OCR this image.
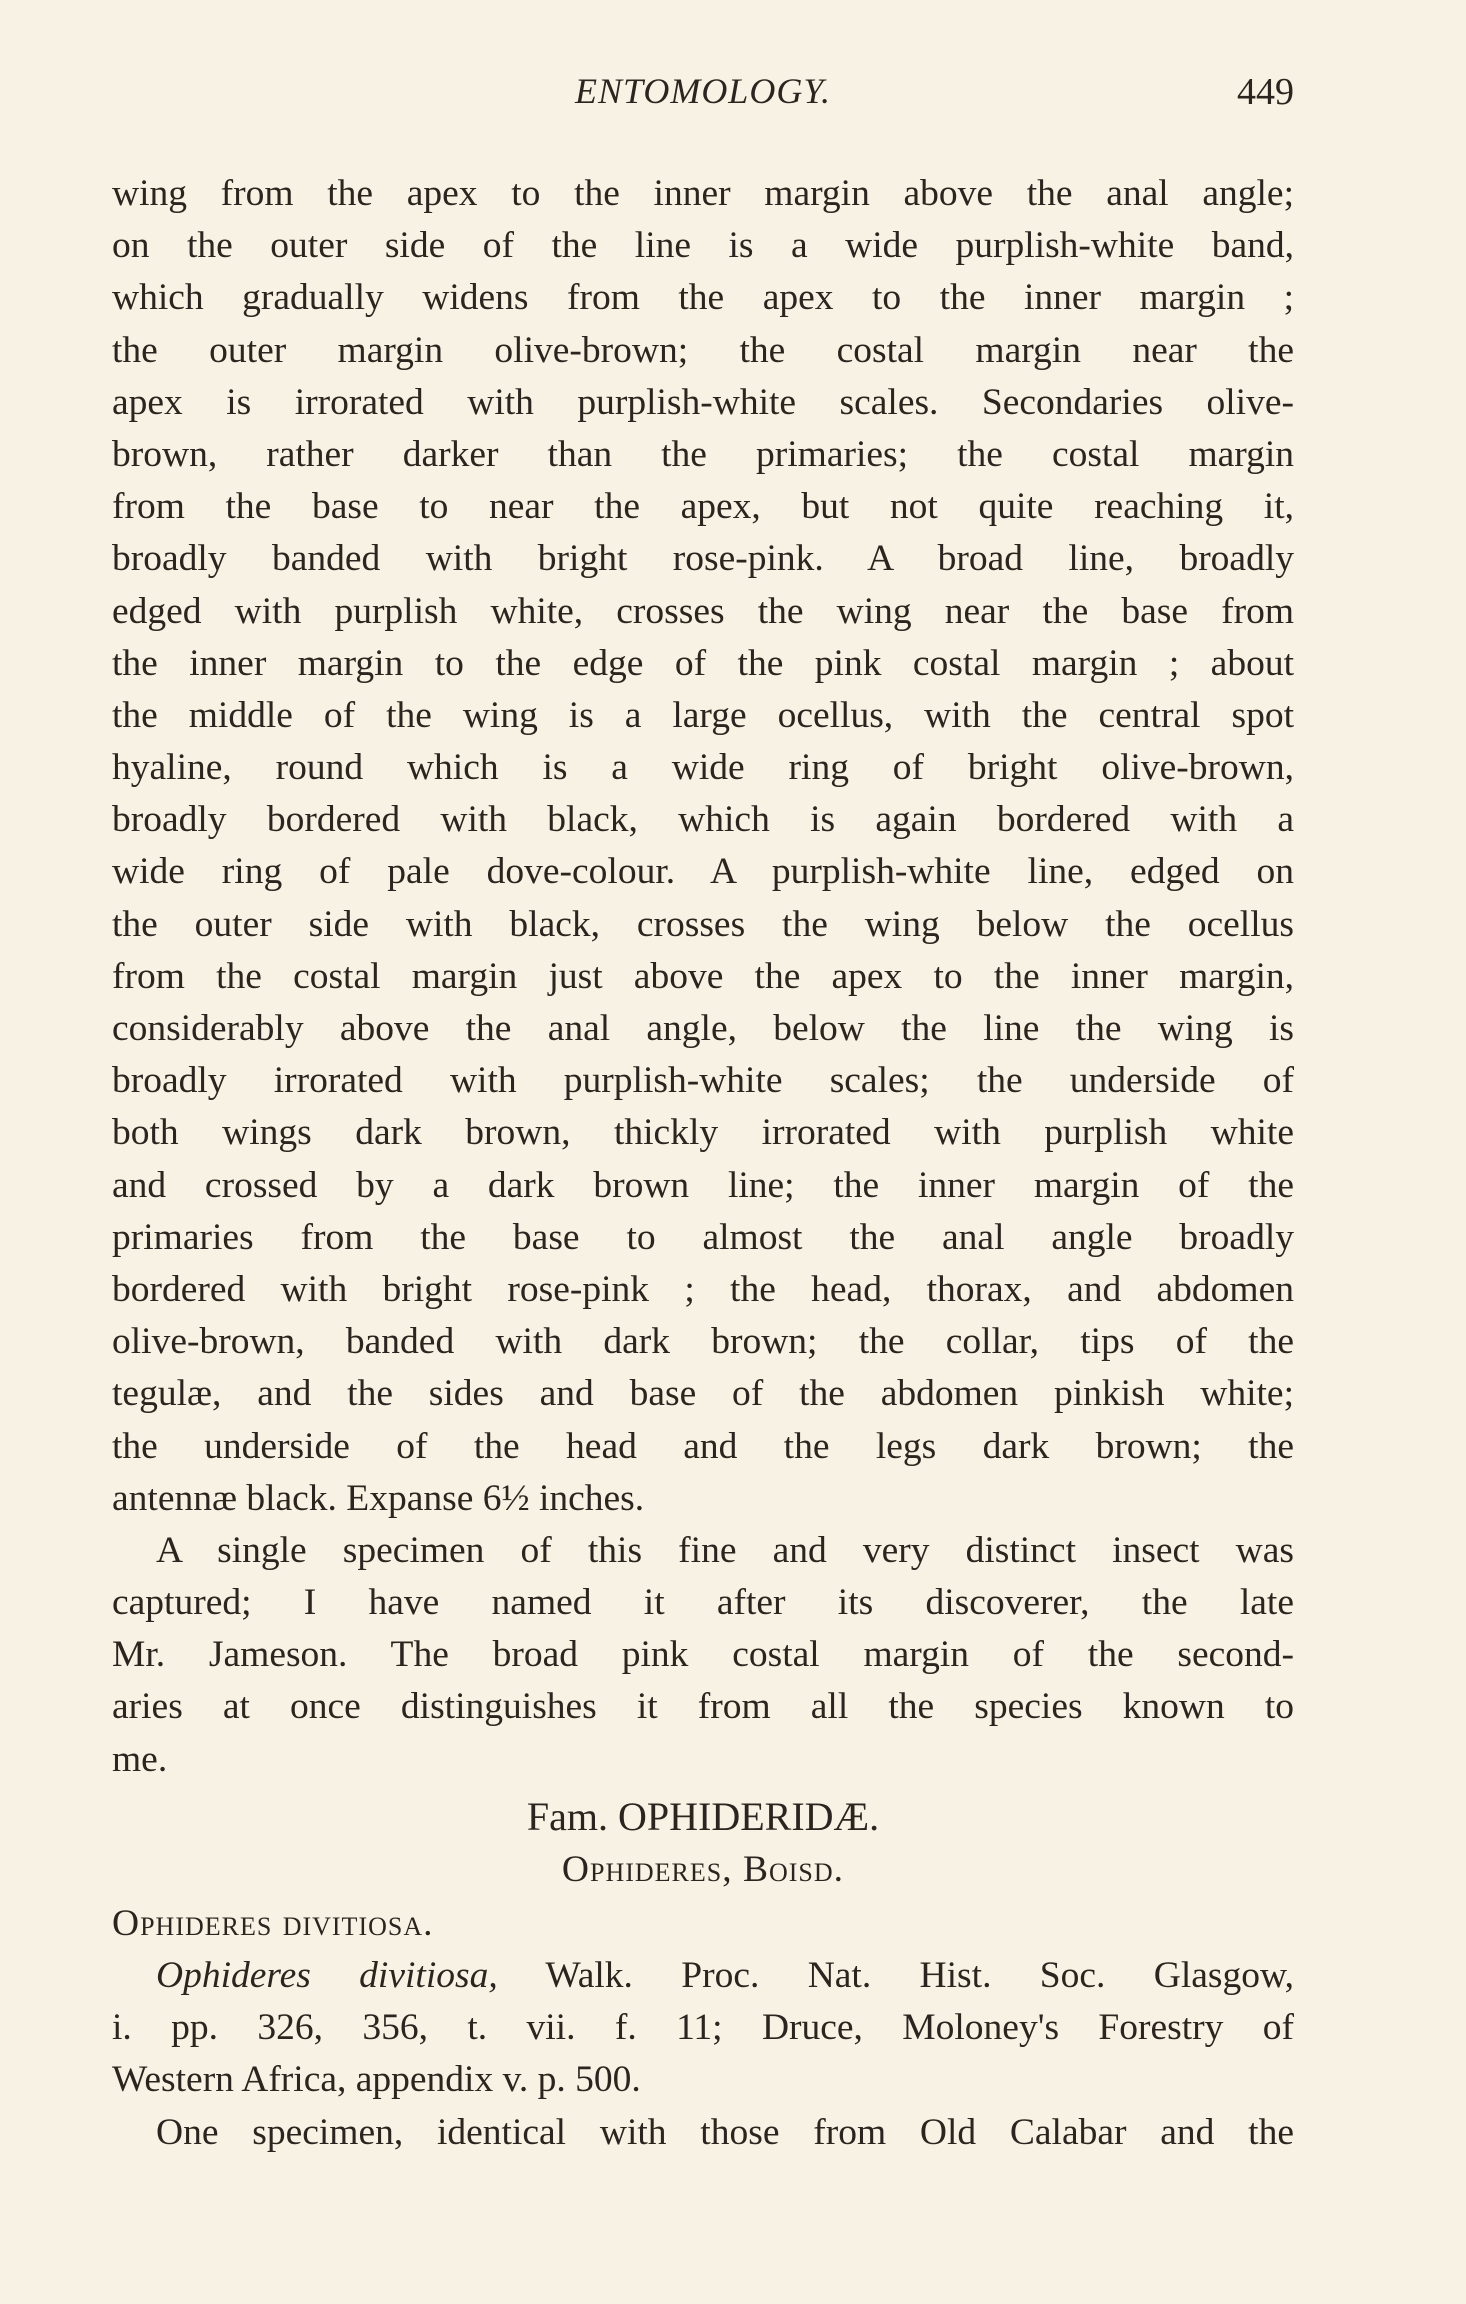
ENTOMOLOGY.	449
wing from the apex to the inner margin above the anal angle;
on the outer side of the line is a wide purplish-white band,
which gradually widens from the apex to the inner margin ;
the outer margin olive-brown; the costal margin near the
apex is irrorated with purplish-white scales. Secondaries olive-
brown, rather darker than the primaries; the costal margin
from the base to near the apex, but not quite reaching it,
broadly banded with bright rose-pink. A broad line, broadly
edged with purplish white, crosses the wing near the base from
the inner margin to the edge of the pink costal margin ; about
the middle of the wing is a large ocellus, with the central spot
hyaline, round which is a wide ring of bright olive-brown,
broadly bordered with black, which is again bordered with a
wide ring of pale dove-colour. A purplish-white line, edged on
the outer side with black, crosses the wing below the ocellus
from the costal margin just above the apex to the inner margin,
considerably above the anal angle, below the line the wing is
broadly irrorated with purplish-white scales; the underside of
both wings dark brown, thickly irrorated with purplish white
and crossed by a dark brown line; the inner margin of the
primaries from the base to almost the anal angle broadly
bordered with bright rose-pink ; the head, thorax, and abdomen
olive-brown, banded with dark brown; the collar, tips of the
tegulæ, and the sides and base of the abdomen pinkish white;
the underside of the head and the legs dark brown; the
antennæ black. Expanse 6½ inches.
A single specimen of this fine and very distinct insect was
captured; I have named it after its discoverer, the late
Mr. Jameson. The broad pink costal margin of the second-
aries at once distinguishes it from all the species known to
me.
Fam. OPHIDERIDÆ.
Ophideres, Boisd.
Ophideres divitiosa.
Ophideres divitiosa, Walk. Proc. Nat. Hist. Soc. Glasgow,
i. pp. 326, 356, t. vii. f. 11; Druce, Moloney's Forestry of
Western Africa, appendix v. p. 500.
One specimen, identical with those from Old Calabar and the
